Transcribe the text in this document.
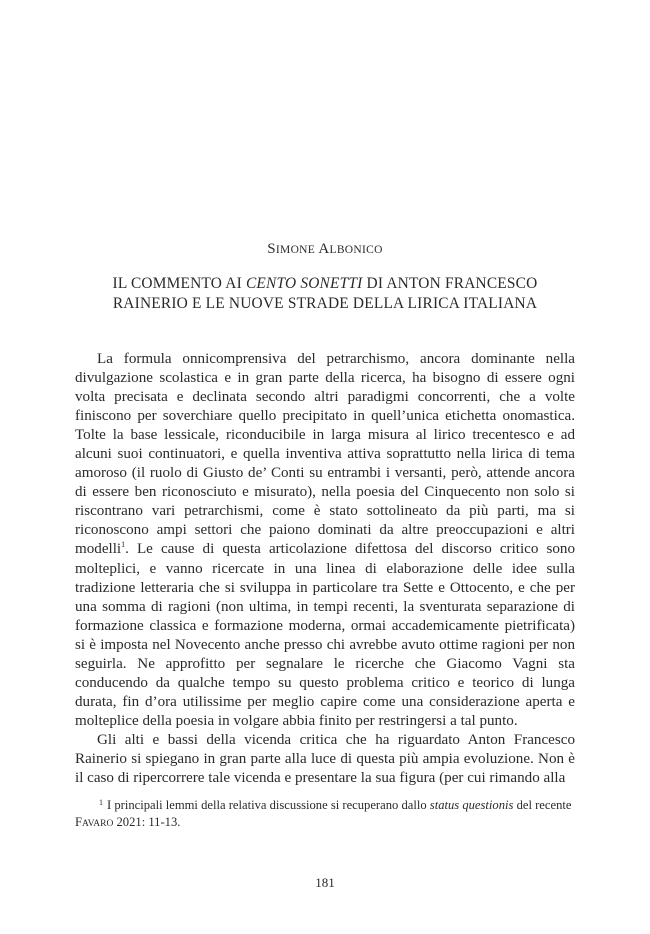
SIMONE ALBONICO
IL COMMENTO AI CENTO SONETTI DI ANTON FRANCESCO
RAINERIO E LE NUOVE STRADE DELLA LIRICA ITALIANA

La formula onnicomprensiva del petrarchismo, ancora dominante nella divulgazione scolastica e in gran parte della ricerca, ha bisogno di essere ogni volta precisata e declinata secondo altri paradigmi concorrenti, che a volte finiscono per soverchiare quello precipitato in quell’unica etichetta onomastica. Tolte la base lessicale, riconducibile in larga misura al lirico trecentesco e ad alcuni suoi continuatori, e quella inventiva attiva soprattutto nella lirica di tema amoroso (il ruolo di Giusto de’ Conti su entrambi i versanti, però, attende ancora di essere ben riconosciuto e misurato), nella poesia del Cinquecento non solo si riscontrano vari petrarchismi, come è stato sottolineato da più parti, ma si riconoscono ampi settori che paiono dominati da altre preoccupazioni e altri modelli$^1$. Le cause di questa articolazione difettosa del discorso critico sono molteplici, e vanno ricercate in una linea di elaborazione delle idee sulla tradizione letteraria che si sviluppa in particolare tra Sette e Ottocento, e che per una somma di ragioni (non ultima, in tempi recenti, la sventurata separazione di formazione classica e formazione moderna, ormai accademicamente pietrificata) si è imposta nel Novecento anche presso chi avrebbe avuto ottime ragioni per non seguirla. Ne approfitto per segnalare le ricerche che Giacomo Vagni sta conducendo da qualche tempo su questo problema critico e teorico di lunga durata, fin d’ora utilissime per meglio capire come una considerazione aperta e molteplice della poesia in volgare abbia finito per restringersi a tal punto.

Gli alti e bassi della vicenda critica che ha riguardato Anton Francesco Rainerio si spiegano in gran parte alla luce di questa più ampia evoluzione. Non è il caso di ripercorrere tale vicenda e presentare la sua figura (per cui rimando alla

$^1$ I principali lemmi della relativa discussione si recuperano dallo status questionis del recente
FAVARO 2021: 11-13.
181
